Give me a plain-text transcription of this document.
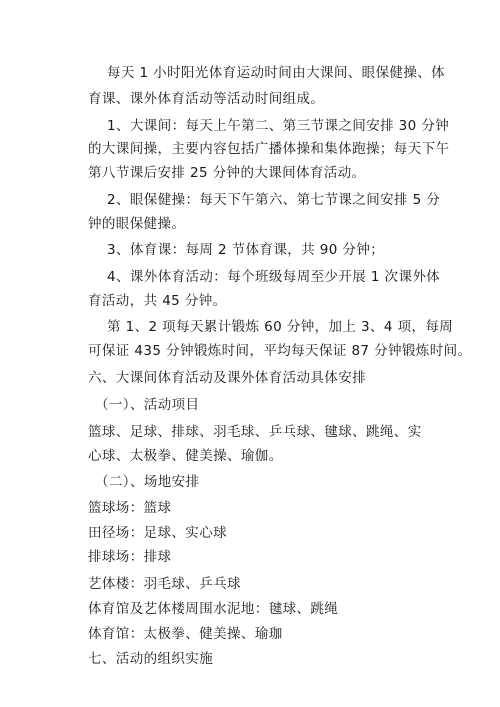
每天 1 小时阳光体育运动时间由大课间、眼保健操、体
育课、课外体育活动等活动时间组成。
1、大课间：每天上午第二、第三节课之间安排 30 分钟
的大课间操，主要内容包括广播体操和集体跑操；每天下午
第八节课后安排 25 分钟的大课间体育活动。
2、眼保健操：每天下午第六、第七节课之间安排 5 分
钟的眼保健操。
3、体育课：每周 2 节体育课，共 90 分钟；
4、课外体育活动：每个班级每周至少开展 1 次课外体
育活动，共 45 分钟。
第 1、2 项每天累计锻炼 60 分钟，加上 3、4 项，每周
可保证 435 分钟锻炼时间，平均每天保证 87 分钟锻炼时间。
六、大课间体育活动及课外体育活动具体安排
（一）、活动项目
篮球、足球、排球、羽毛球、乒乓球、毽球、跳绳、实
心球、太极拳、健美操、瑜伽。
（二）、场地安排
篮球场：篮球
田径场：足球、实心球
排球场：排球
艺体楼：羽毛球、乒乓球
体育馆及艺体楼周围水泥地：毽球、跳绳
体育馆：太极拳、健美操、瑜珈
七、活动的组织实施
